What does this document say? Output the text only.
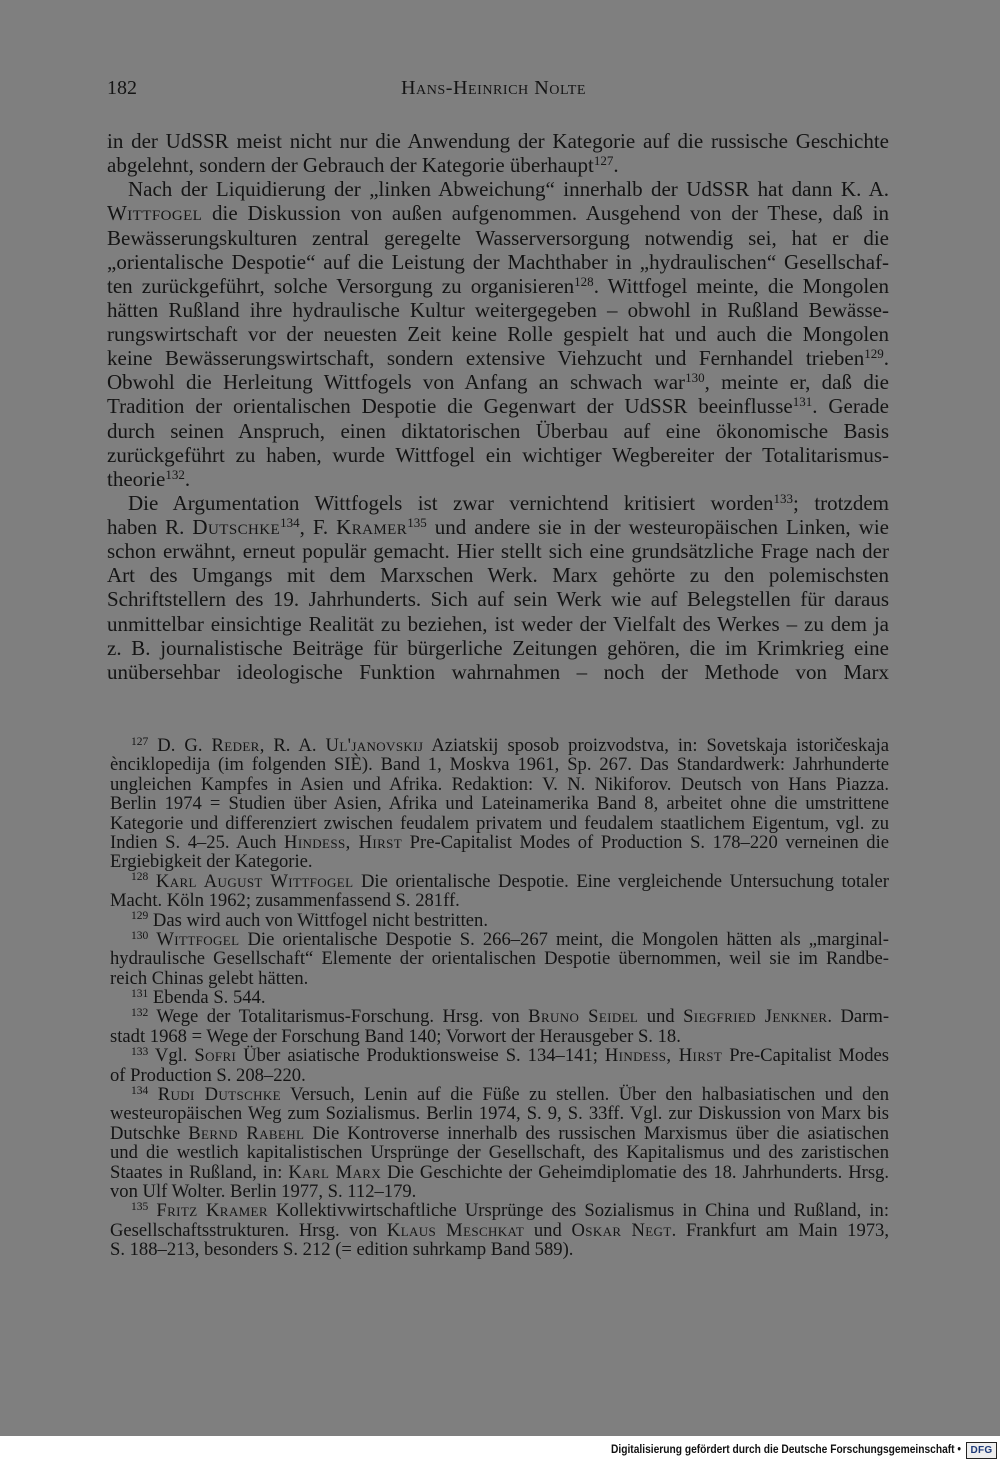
182	Hans-Heinrich Nolte
in der UdSSR meist nicht nur die Anwendung der Kategorie auf die russische Geschichte
abgelehnt, sondern der Gebrauch der Kategorie überhaupt$^{127}$.
Nach der Liquidierung der „linken Abweichung“ innerhalb der UdSSR hat dann K. A.
Wittfogel die Diskussion von außen aufgenommen. Ausgehend von der These, daß in
Bewässerungskulturen zentral geregelte Wasserversorgung notwendig sei, hat er die
„orientalische Despotie“ auf die Leistung der Machthaber in „hydraulischen“ Gesellschaf-
ten zurückgeführt, solche Versorgung zu organisieren$^{128}$. Wittfogel meinte, die Mongolen
hätten Rußland ihre hydraulische Kultur weitergegeben – obwohl in Rußland Bewässe-
rungswirtschaft vor der neuesten Zeit keine Rolle gespielt hat und auch die Mongolen
keine Bewässerungswirtschaft, sondern extensive Viehzucht und Fernhandel trieben$^{129}$.
Obwohl die Herleitung Wittfogels von Anfang an schwach war$^{130}$, meinte er, daß die
Tradition der orientalischen Despotie die Gegenwart der UdSSR beeinflusse$^{131}$. Gerade
durch seinen Anspruch, einen diktatorischen Überbau auf eine ökonomische Basis
zurückgeführt zu haben, wurde Wittfogel ein wichtiger Wegbereiter der Totalitarismus-
theorie$^{132}$.
Die Argumentation Wittfogels ist zwar vernichtend kritisiert worden$^{133}$; trotzdem
haben R. Dutschke$^{134}$, F. Kramer$^{135}$ und andere sie in der westeuropäischen Linken, wie
schon erwähnt, erneut populär gemacht. Hier stellt sich eine grundsätzliche Frage nach der
Art des Umgangs mit dem Marxschen Werk. Marx gehörte zu den polemischsten
Schriftstellern des 19. Jahrhunderts. Sich auf sein Werk wie auf Belegstellen für daraus
unmittelbar einsichtige Realität zu beziehen, ist weder der Vielfalt des Werkes – zu dem ja
z. B. journalistische Beiträge für bürgerliche Zeitungen gehören, die im Krimkrieg eine
unübersehbar ideologische Funktion wahrnahmen – noch der Methode von Marx
$^{127}$ D. G. Reder, R. A. Ul'janovskij Aziatskij sposob proizvodstva, in: Sovetskaja istoričeskaja
ènciklopedija (im folgenden SIÈ). Band 1, Moskva 1961, Sp. 267. Das Standardwerk: Jahrhunderte
ungleichen Kampfes in Asien und Afrika. Redaktion: V. N. Nikiforov. Deutsch von Hans Piazza.
Berlin 1974 = Studien über Asien, Afrika und Lateinamerika Band 8, arbeitet ohne die umstrittene
Kategorie und differenziert zwischen feudalem privatem und feudalem staatlichem Eigentum, vgl. zu
Indien S. 4–25. Auch Hindess, Hirst Pre-Capitalist Modes of Production S. 178–220 verneinen die
Ergiebigkeit der Kategorie.
$^{128}$ Karl August Wittfogel Die orientalische Despotie. Eine vergleichende Untersuchung totaler
Macht. Köln 1962; zusammenfassend S. 281ff.
$^{129}$ Das wird auch von Wittfogel nicht bestritten.
$^{130}$ Wittfogel Die orientalische Despotie S. 266–267 meint, die Mongolen hätten als „marginal-
hydraulische Gesellschaft“ Elemente der orientalischen Despotie übernommen, weil sie im Randbe-
reich Chinas gelebt hätten.
$^{131}$ Ebenda S. 544.
$^{132}$ Wege der Totalitarismus-Forschung. Hrsg. von Bruno Seidel und Siegfried Jenkner. Darm-
stadt 1968 = Wege der Forschung Band 140; Vorwort der Herausgeber S. 18.
$^{133}$ Vgl. Sofri Über asiatische Produktionsweise S. 134–141; Hindess, Hirst Pre-Capitalist Modes
of Production S. 208–220.
$^{134}$ Rudi Dutschke Versuch, Lenin auf die Füße zu stellen. Über den halbasiatischen und den
westeuropäischen Weg zum Sozialismus. Berlin 1974, S. 9, S. 33ff. Vgl. zur Diskussion von Marx bis
Dutschke Bernd Rabehl Die Kontroverse innerhalb des russischen Marxismus über die asiatischen
und die westlich kapitalistischen Ursprünge der Gesellschaft, des Kapitalismus und des zaristischen
Staates in Rußland, in: Karl Marx Die Geschichte der Geheimdiplomatie des 18. Jahrhunderts. Hrsg.
von Ulf Wolter. Berlin 1977, S. 112–179.
$^{135}$ Fritz Kramer Kollektivwirtschaftliche Ursprünge des Sozialismus in China und Rußland, in:
Gesellschaftsstrukturen. Hrsg. von Klaus Meschkat und Oskar Negt. Frankfurt am Main 1973,
S. 188–213, besonders S. 212 (= edition suhrkamp Band 589).
Digitalisierung gefördert durch die Deutsche Forschungsgemeinschaft • DFG
